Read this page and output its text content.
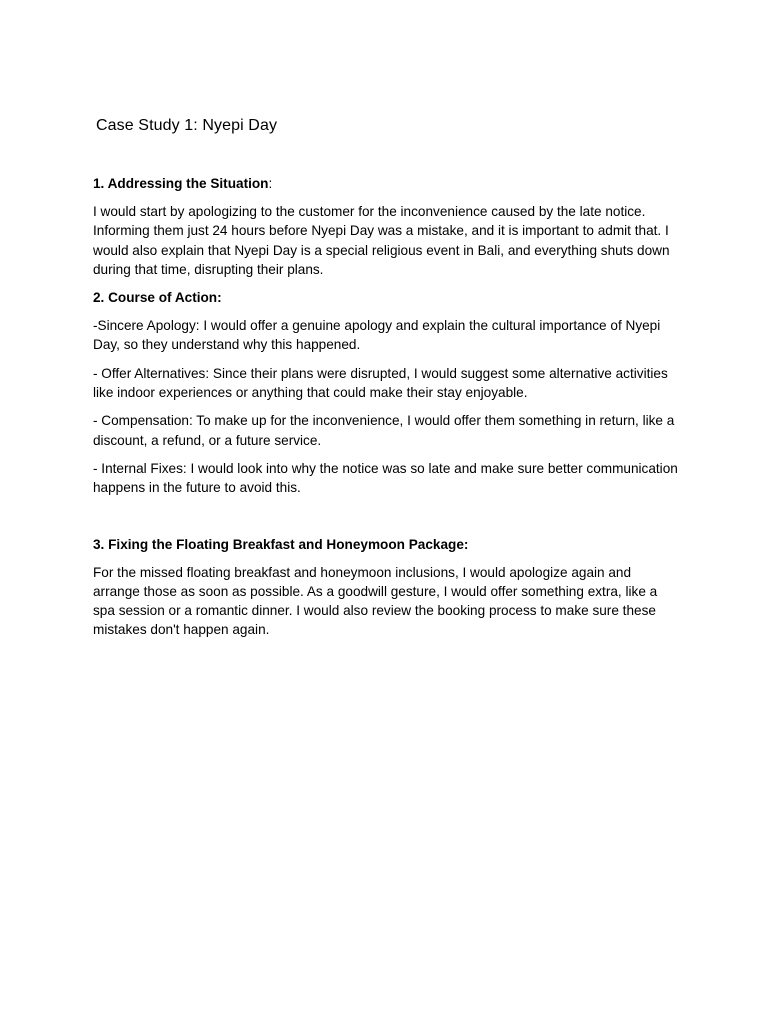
Case Study 1: Nyepi Day
1. Addressing the Situation:

I would start by apologizing to the customer for the inconvenience caused by the late notice. Informing them just 24 hours before Nyepi Day was a mistake, and it is important to admit that. I would also explain that Nyepi Day is a special religious event in Bali, and everything shuts down during that time, disrupting their plans.

2. Course of Action:

-Sincere Apology: I would offer a genuine apology and explain the cultural importance of Nyepi Day, so they understand why this happened.

- Offer Alternatives: Since their plans were disrupted, I would suggest some alternative activities like indoor experiences or anything that could make their stay enjoyable.

- Compensation: To make up for the inconvenience, I would offer them something in return, like a discount, a refund, or a future service.

- Internal Fixes: I would look into why the notice was so late and make sure better communication happens in the future to avoid this.

3. Fixing the Floating Breakfast and Honeymoon Package:

For the missed floating breakfast and honeymoon inclusions, I would apologize again and arrange those as soon as possible. As a goodwill gesture, I would offer something extra, like a spa session or a romantic dinner. I would also review the booking process to make sure these mistakes don't happen again.
